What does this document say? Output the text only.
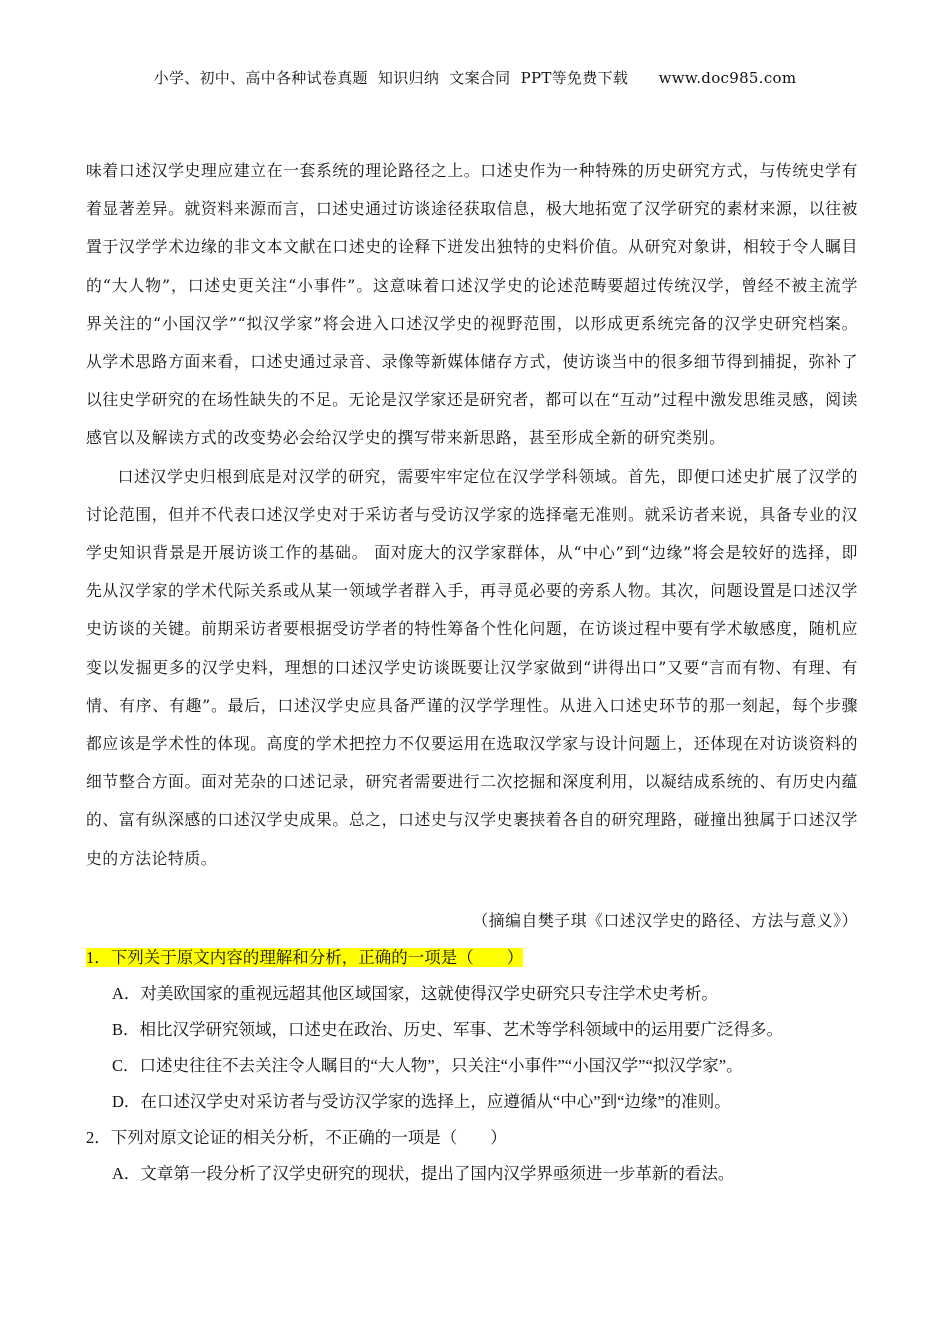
小学、初中、高中各种试卷真题  知识归纳  文案合同  PPT等免费下载      www.doc985.com

味着口述汉学史理应建立在一套系统的理论路径之上。口述史作为一种特殊的历史研究方式，与传统史学有着显著差异。就资料来源而言，口述史通过访谈途径获取信息，极大地拓宽了汉学研究的素材来源，以往被置于汉学学术边缘的非文本文献在口述史的诠释下迸发出独特的史料价值。从研究对象讲，相较于令人瞩目的“大人物”，口述史更关注“小事件”。这意味着口述汉学史的论述范畴要超过传统汉学，曾经不被主流学界关注的“小国汉学”“拟汉学家”将会进入口述汉学史的视野范围，以形成更系统完备的汉学史研究档案。从学术思路方面来看，口述史通过录音、录像等新媒体储存方式，使访谈当中的很多细节得到捕捉，弥补了以往史学研究的在场性缺失的不足。无论是汉学家还是研究者，都可以在“互动”过程中激发思维灵感，阅读感官以及解读方式的改变势必会给汉学史的撰写带来新思路，甚至形成全新的研究类别。

口述汉学史归根到底是对汉学的研究，需要牢牢定位在汉学学科领域。首先，即便口述史扩展了汉学的讨论范围，但并不代表口述汉学史对于采访者与受访汉学家的选择毫无准则。就采访者来说，具备专业的汉学史知识背景是开展访谈工作的基础。 面对庞大的汉学家群体，从“中心”到“边缘”将会是较好的选择，即先从汉学家的学术代际关系或从某一领域学者群入手，再寻觅必要的旁系人物。其次，问题设置是口述汉学史访谈的关键。前期采访者要根据受访学者的特性筹备个性化问题，在访谈过程中要有学术敏感度，随机应变以发掘更多的汉学史料，理想的口述汉学史访谈既要让汉学家做到“讲得出口”又要“言而有物、有理、有情、有序、有趣”。最后，口述汉学史应具备严谨的汉学学理性。从进入口述史环节的那一刻起，每个步骤都应该是学术性的体现。高度的学术把控力不仅要运用在选取汉学家与设计问题上，还体现在对访谈资料的细节整合方面。面对芜杂的口述记录，研究者需要进行二次挖掘和深度利用，以凝结成系统的、有历史内蕴的、富有纵深感的口述汉学史成果。总之，口述史与汉学史裹挟着各自的研究理路，碰撞出独属于口述汉学史的方法论特质。

（摘编自樊子琪《口述汉学史的路径、方法与意义》）

1．下列关于原文内容的理解和分析，正确的一项是（　　）

A．对美欧国家的重视远超其他区域国家，这就使得汉学史研究只专注学术史考析。

B．相比汉学研究领域，口述史在政治、历史、军事、艺术等学科领域中的运用要广泛得多。

C．口述史往往不去关注令人瞩目的“大人物”，只关注“小事件”“小国汉学”“拟汉学家”。

D．在口述汉学史对采访者与受访汉学家的选择上，应遵循从“中心”到“边缘”的准则。

2．下列对原文论证的相关分析，不正确的一项是（　　）

A．文章第一段分析了汉学史研究的现状，提出了国内汉学界亟须进一步革新的看法。
